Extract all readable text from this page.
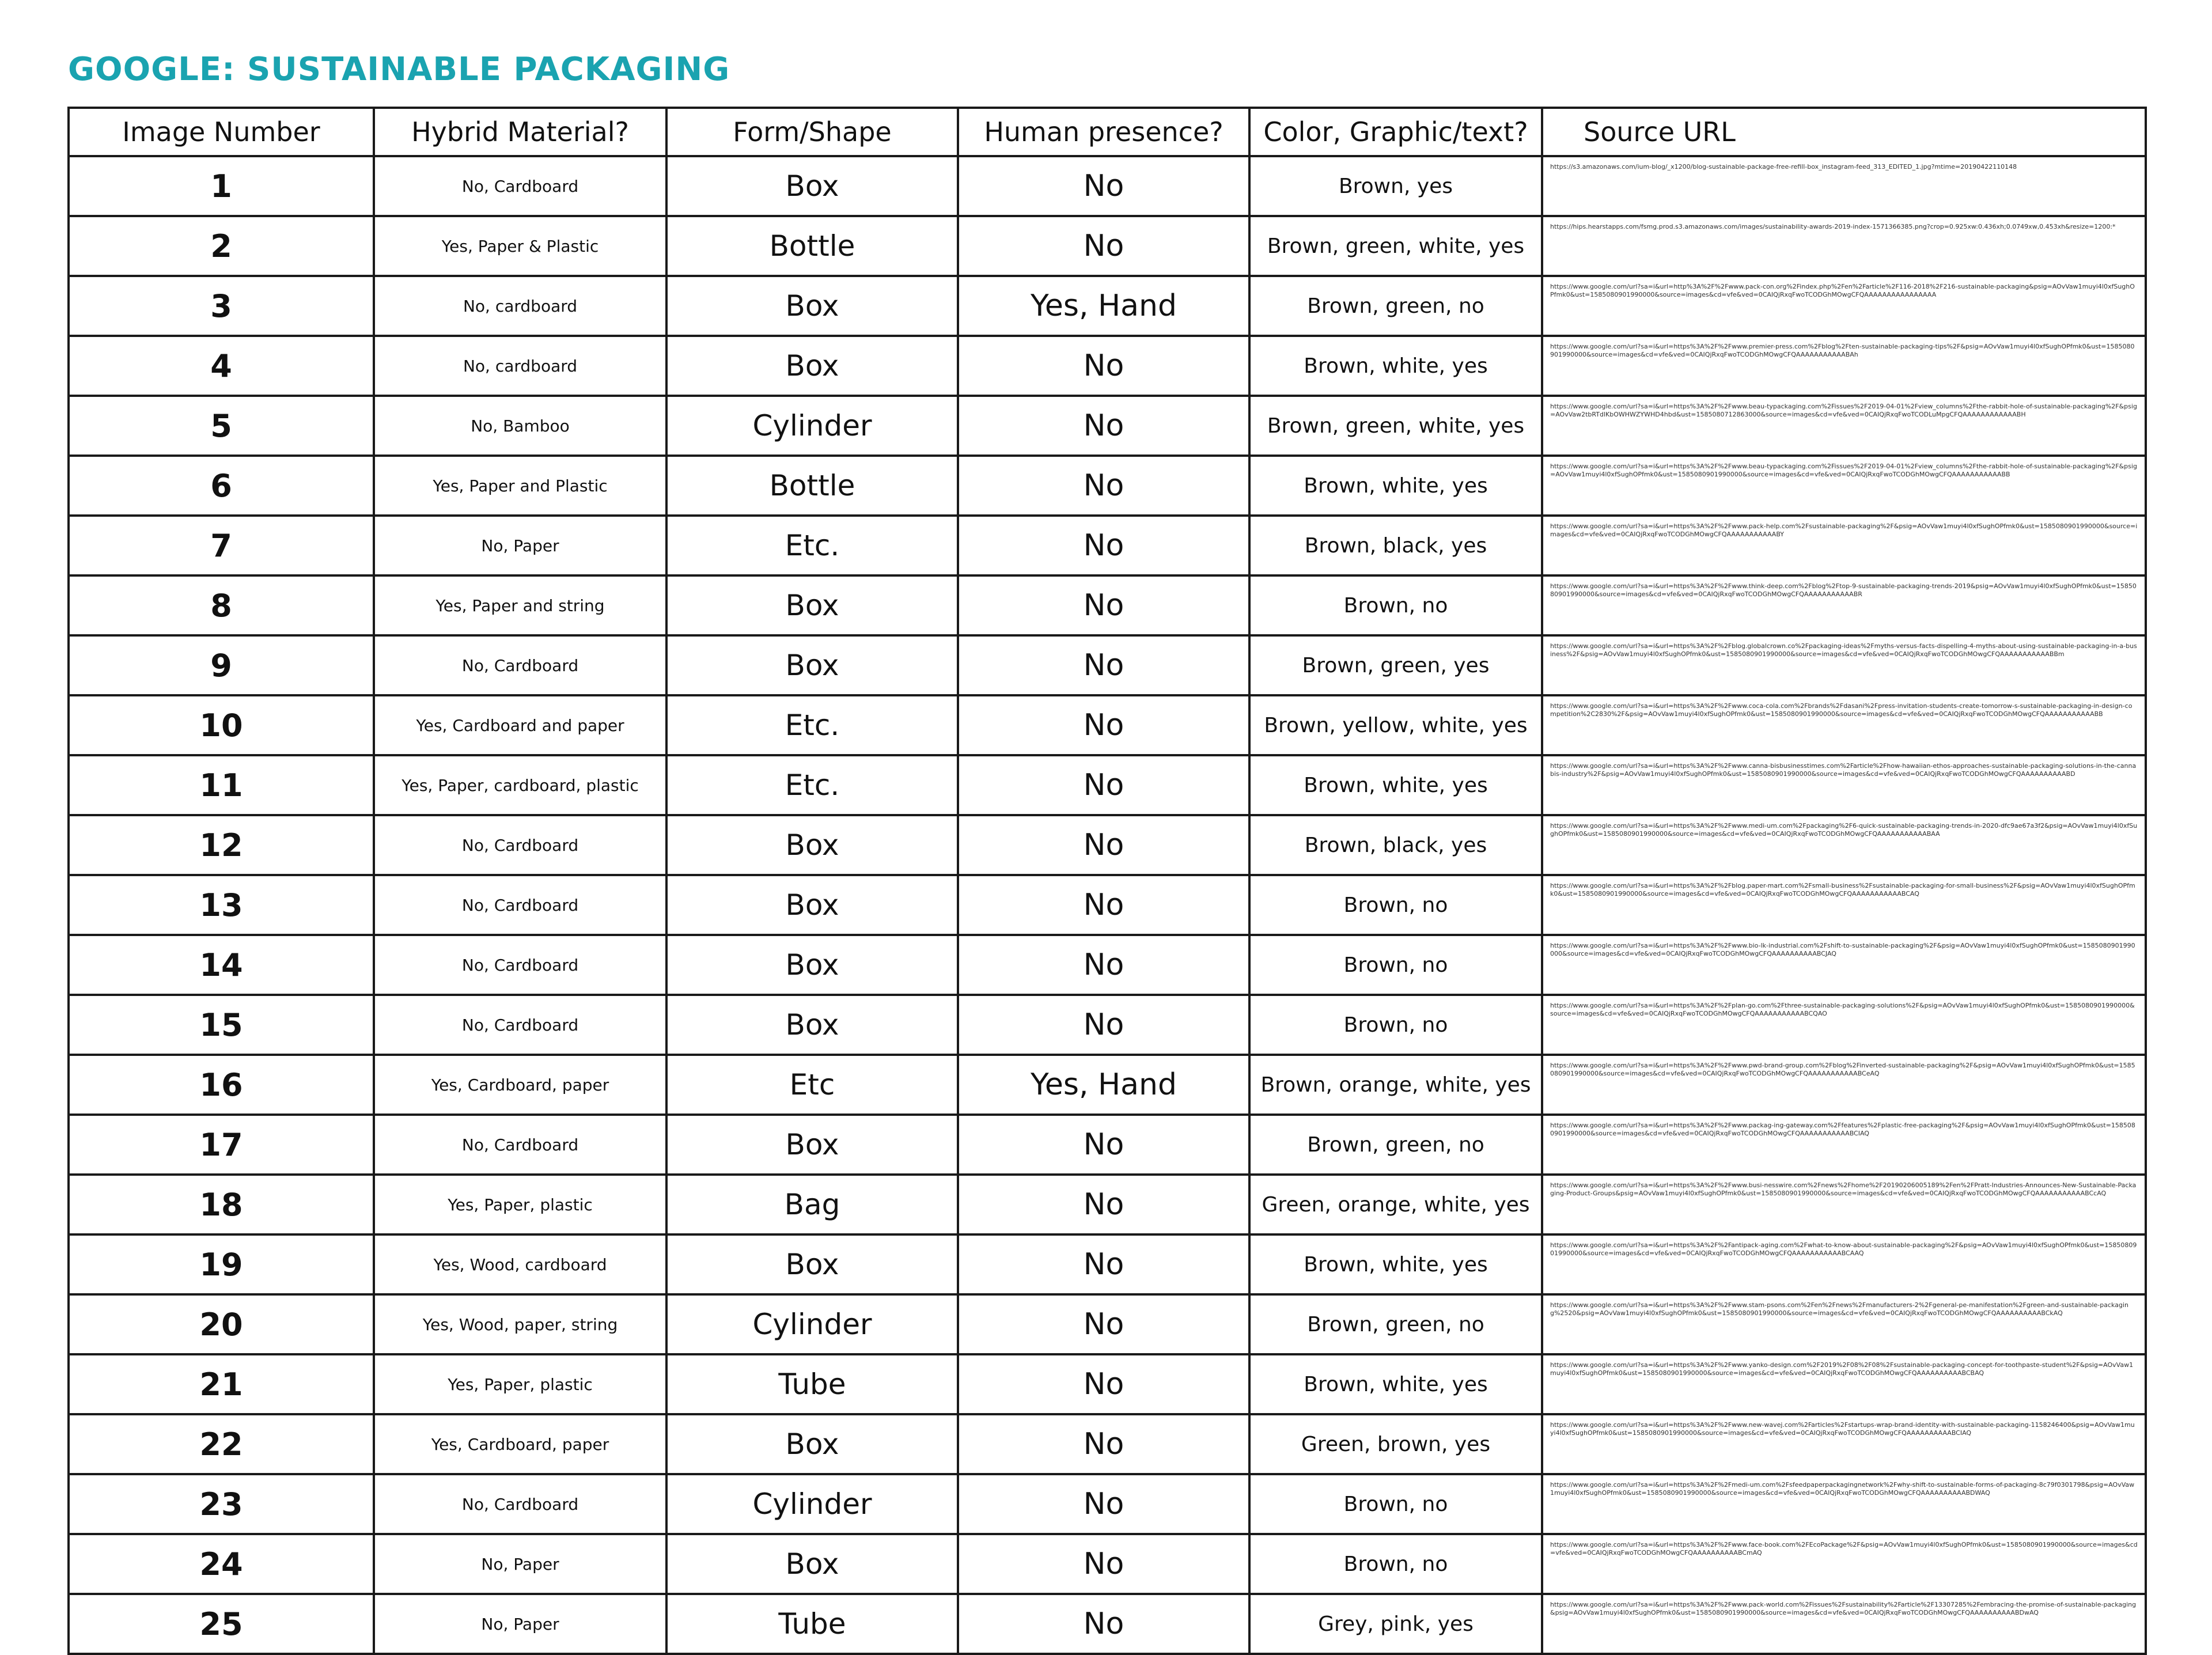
GOOGLE: SUSTAINABLE PACKAGING
Image Number	Hybrid Material?	Form/Shape	Human presence?	Color, Graphic/text?	Source URL
1	No, Cardboard	Box	No	Brown, yes	https://s3.amazonaws.com/ium-blog/_x1200/blog-sustainable-package-free-refill-box_instagram-feed_313_EDITED_1.jpg?mtime=20190422110148

2	Yes, Paper & Plastic	Bottle	No	Brown, green, white, yes	https://hips.hearstapps.com/fsmg.prod.s3.amazonaws.com/images/sustainability-awards-2019-index-1571366385.png?crop=0.925xw:0.436xh;0.0749xw,0.453xh&resize=1200:*

3	No, cardboard	Box	Yes, Hand	Brown, green, no	https://www.google.com/url?sa=i&url=http%3A%2F%2Fwww.pack-con.org%2Findex.php%2Fen%2Farticle%2F116-2018%2F216-sustainable-packaging&psig=AOvVaw1muyi4l0xfSughOPfmk0&ust=1585080901990000&source=images&cd=vfe&ved=0CAIQjRxqFwoTCODGhMOwgCFQAAAAAAAAAAAAAAAA

4	No, cardboard	Box	No	Brown, white, yes	https://www.google.com/url?sa=i&url=https%3A%2F%2Fwww.premier-press.com%2Fblog%2Ften-sustainable-packaging-tips%2F&psig=AOvVaw1muyi4l0xfSughOPfmk0&ust=1585080901990000&source=images&cd=vfe&ved=0CAIQjRxqFwoTCODGhMOwgCFQAAAAAAAAAAABAh

5	No, Bamboo	Cylinder	No	Brown, green, white, yes	https://www.google.com/url?sa=i&url=https%3A%2F%2Fwww.beau-typackaging.com%2Fissues%2F2019-04-01%2Fview_columns%2Fthe-rabbit-hole-of-sustainable-packaging%2F&psig=AOvVaw2tbRTdlKbOWHWZYWHD4hbd&ust=1585080712863000&source=images&cd=vfe&ved=0CAIQjRxqFwoTCODLuMpgCFQAAAAAAAAAAAABH

6	Yes, Paper and Plastic	Bottle	No	Brown, white, yes	https://www.google.com/url?sa=i&url=https%3A%2F%2Fwww.beau-typackaging.com%2Fissues%2F2019-04-01%2Fview_columns%2Fthe-rabbit-hole-of-sustainable-packaging%2F&psig=AOvVaw1muyi4l0xfSughOPfmk0&ust=1585080901990000&source=images&cd=vfe&ved=0CAIQjRxqFwoTCODGhMOwgCFQAAAAAAAAAAABB

7	No, Paper	Etc.	No	Brown, black, yes	https://www.google.com/url?sa=i&url=https%3A%2F%2Fwww.pack-help.com%2Fsustainable-packaging%2F&psig=AOvVaw1muyi4l0xfSughOPfmk0&ust=1585080901990000&source=images&cd=vfe&ved=0CAIQjRxqFwoTCODGhMOwgCFQAAAAAAAAAAABY

8	Yes, Paper and string	Box	No	Brown, no	https://www.google.com/url?sa=i&url=https%3A%2F%2Fwww.think-deep.com%2Fblog%2Ftop-9-sustainable-packaging-trends-2019&psig=AOvVaw1muyi4l0xfSughOPfmk0&ust=1585080901990000&source=images&cd=vfe&ved=0CAIQjRxqFwoTCODGhMOwgCFQAAAAAAAAAAABR

9	No, Cardboard	Box	No	Brown, green, yes	https://www.google.com/url?sa=i&url=https%3A%2F%2Fblog.globalcrown.co%2Fpackaging-ideas%2Fmyths-versus-facts-dispelling-4-myths-about-using-sustainable-packaging-in-a-business%2F&psig=AOvVaw1muyi4l0xfSughOPfmk0&ust=1585080901990000&source=images&cd=vfe&ved=0CAIQjRxqFwoTCODGhMOwgCFQAAAAAAAAAAABBm

10	Yes, Cardboard and paper	Etc.	No	Brown, yellow, white, yes	https://www.google.com/url?sa=i&url=https%3A%2F%2Fwww.coca-cola.com%2Fbrands%2Fdasani%2Fpress-invitation-students-create-tomorrow-s-sustainable-packaging-in-design-competition%2C2830%2F&psig=AOvVaw1muyi4l0xfSughOPfmk0&ust=1585080901990000&source=images&cd=vfe&ved=0CAIQjRxqFwoTCODGhMOwgCFQAAAAAAAAAAABB

11	Yes, Paper, cardboard, plastic	Etc.	No	Brown, white, yes	https://www.google.com/url?sa=i&url=https%3A%2F%2Fwww.canna-bisbusinesstimes.com%2Farticle%2Fhow-hawaiian-ethos-approaches-sustainable-packaging-solutions-in-the-cannabis-industry%2F&psig=AOvVaw1muyi4l0xfSughOPfmk0&ust=1585080901990000&source=images&cd=vfe&ved=0CAIQjRxqFwoTCODGhMOwgCFQAAAAAAAAAABD

12	No, Cardboard	Box	No	Brown, black, yes	https://www.google.com/url?sa=i&url=https%3A%2F%2Fwww.medi-um.com%2Fpackaging%2F6-quick-sustainable-packaging-trends-in-2020-dfc9ae67a3f2&psig=AOvVaw1muyi4l0xfSughOPfmk0&ust=1585080901990000&source=images&cd=vfe&ved=0CAIQjRxqFwoTCODGhMOwgCFQAAAAAAAAAAABAA

13	No, Cardboard	Box	No	Brown, no	https://www.google.com/url?sa=i&url=https%3A%2F%2Fblog.paper-mart.com%2Fsmall-business%2Fsustainable-packaging-for-small-business%2F&psig=AOvVaw1muyi4l0xfSughOPfmk0&ust=1585080901990000&source=images&cd=vfe&ved=0CAIQjRxqFwoTCODGhMOwgCFQAAAAAAAAAAABCAQ

14	No, Cardboard	Box	No	Brown, no	https://www.google.com/url?sa=i&url=https%3A%2F%2Fwww.bio-lk-industrial.com%2Fshift-to-sustainable-packaging%2F&psig=AOvVaw1muyi4l0xfSughOPfmk0&ust=1585080901990000&source=images&cd=vfe&ved=0CAIQjRxqFwoTCODGhMOwgCFQAAAAAAAAAABCJAQ

15	No, Cardboard	Box	No	Brown, no	https://www.google.com/url?sa=i&url=https%3A%2F%2Fplan-go.com%2Fthree-sustainable-packaging-solutions%2F&psig=AOvVaw1muyi4l0xfSughOPfmk0&ust=1585080901990000&source=images&cd=vfe&ved=0CAIQjRxqFwoTCODGhMOwgCFQAAAAAAAAAAABCQAO

16	Yes, Cardboard, paper	Etc	Yes, Hand	Brown, orange, white, yes	https://www.google.com/url?sa=i&url=https%3A%2F%2Fwww.pwd-brand-group.com%2Fblog%2Finverted-sustainable-packaging%2F&psig=AOvVaw1muyi4l0xfSughOPfmk0&ust=1585080901990000&source=images&cd=vfe&ved=0CAIQjRxqFwoTCODGhMOwgCFQAAAAAAAAAAABCeAQ

17	No, Cardboard	Box	No	Brown, green, no	https://www.google.com/url?sa=i&url=https%3A%2F%2Fwww.packag-ing-gateway.com%2Ffeatures%2Fplastic-free-packaging%2F&psig=AOvVaw1muyi4l0xfSughOPfmk0&ust=1585080901990000&source=images&cd=vfe&ved=0CAIQjRxqFwoTCODGhMOwgCFQAAAAAAAAAAABCIAQ

18	Yes, Paper, plastic	Bag	No	Green, orange, white, yes	https://www.google.com/url?sa=i&url=https%3A%2F%2Fwww.busi-nesswire.com%2Fnews%2Fhome%2F20190206005189%2Fen%2FPratt-Industries-Announces-New-Sustainable-Packaging-Product-Groups&psig=AOvVaw1muyi4l0xfSughOPfmk0&ust=1585080901990000&source=images&cd=vfe&ved=0CAIQjRxqFwoTCODGhMOwgCFQAAAAAAAAAAABCcAQ

19	Yes, Wood, cardboard	Box	No	Brown, white, yes	https://www.google.com/url?sa=i&url=https%3A%2F%2Fantipack-aging.com%2Fwhat-to-know-about-sustainable-packaging%2F&psig=AOvVaw1muyi4l0xfSughOPfmk0&ust=1585080901990000&source=images&cd=vfe&ved=0CAIQjRxqFwoTCODGhMOwgCFQAAAAAAAAAAABCAAQ

20	Yes, Wood, paper, string	Cylinder	No	Brown, green, no	https://www.google.com/url?sa=i&url=https%3A%2F%2Fwww.stam-psons.com%2Fen%2Fnews%2Fmanufacturers-2%2Fgeneral-pe-manifestation%2Fgreen-and-sustainable-packaging%2520&psig=AOvVaw1muyi4l0xfSughOPfmk0&ust=1585080901990000&source=images&cd=vfe&ved=0CAIQjRxqFwoTCODGhMOwgCFQAAAAAAAAAABCkAQ

21	Yes, Paper, plastic	Tube	No	Brown, white, yes	https://www.google.com/url?sa=i&url=https%3A%2F%2Fwww.yanko-design.com%2F2019%2F08%2F08%2Fsustainable-packaging-concept-for-toothpaste-student%2F&psig=AOvVaw1muyi4l0xfSughOPfmk0&ust=1585080901990000&source=images&cd=vfe&ved=0CAIQjRxqFwoTCODGhMOwgCFQAAAAAAAAAABCBAQ

22	Yes, Cardboard, paper	Box	No	Green, brown, yes	https://www.google.com/url?sa=i&url=https%3A%2F%2Fwww.new-wavej.com%2Farticles%2Fstartups-wrap-brand-identity-with-sustainable-packaging-1158246400&psig=AOvVaw1muyi4l0xfSughOPfmk0&ust=1585080901990000&source=images&cd=vfe&ved=0CAIQjRxqFwoTCODGhMOwgCFQAAAAAAAAAABCIAQ

23	No, Cardboard	Cylinder	No	Brown, no	https://www.google.com/url?sa=i&url=https%3A%2F%2Fmedi-um.com%2Fsfeedpaperpackagingnetwork%2Fwhy-shift-to-sustainable-forms-of-packaging-8c79f0301798&psig=AOvVaw1muyi4l0xfSughOPfmk0&ust=1585080901990000&source=images&cd=vfe&ved=0CAIQjRxqFwoTCODGhMOwgCFQAAAAAAAAAABDWAQ

24	No, Paper	Box	No	Brown, no	https://www.google.com/url?sa=i&url=https%3A%2F%2Fwww.face-book.com%2FEcoPackage%2F&psig=AOvVaw1muyi4l0xfSughOPfmk0&ust=1585080901990000&source=images&cd=vfe&ved=0CAIQjRxqFwoTCODGhMOwgCFQAAAAAAAAAABCmAQ

25	No, Paper	Tube	No	Grey, pink, yes	https://www.google.com/url?sa=i&url=https%3A%2F%2Fwww.pack-world.com%2Fissues%2Fsustainability%2Farticle%2F13307285%2Fembracing-the-promise-of-sustainable-packaging&psig=AOvVaw1muyi4l0xfSughOPfmk0&ust=1585080901990000&source=images&cd=vfe&ved=0CAIQjRxqFwoTCODGhMOwgCFQAAAAAAAAAABDwAQ
